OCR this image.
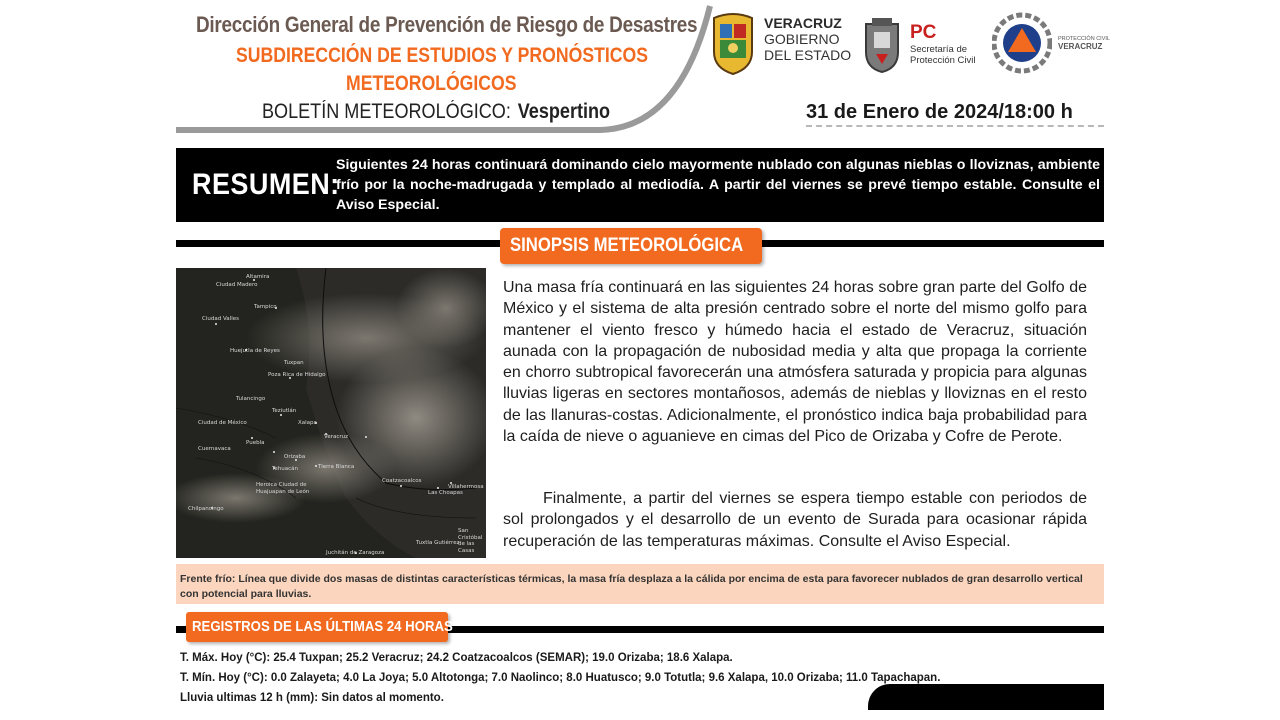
Dirección General de Prevención de Riesgo de Desastres
SUBDIRECCIÓN DE ESTUDIOS Y PRONÓSTICOS
METEOROLÓGICOS
BOLETÍN METEOROLÓGICO: Vespertino	31 de Enero de 2024/18:00 h
VERACRUZ
GOBIERNO
DEL ESTADO
PC
Secretaría de
Protección Civil
PROTECCIÓN CIVIL
VERACRUZ
RESUMEN:
Siguientes 24 horas continuará dominando cielo mayormente nublado con algunas nieblas o lloviznas, ambiente frío por la noche-madrugada y templado al mediodía. A partir del viernes se prevé tiempo estable. Consulte el Aviso Especial.
SINOPSIS METEOROLÓGICA
Altamira
Ciudad Madero
Tampico
Ciudad Valles
Huejutla de Reyes
Tuxpan
Poza Rica de Hidalgo
Tulancingo
Teziutlán
Xalapa
Ciudad de México
Veracruz
Puebla
Cuernavaca
Orizaba
Tehuacán	Tierra Blanca
Coatzacoalcos
Las Choapas
Villahermosa
Heroica Ciudad de Huajuapan de León
Chilpancingo
Juchitán de Zaragoza
San Cristóbal de las Casas
Tuxtla Gutiérrez
Una masa fría continuará en las siguientes 24 horas sobre gran parte del Golfo de México y el sistema de alta presión centrado sobre el norte del mismo golfo para mantener el viento fresco y húmedo hacia el estado de Veracruz, situación aunada con la propagación de nubosidad media y alta que propaga la corriente en chorro subtropical favorecerán una atmósfera saturada y propicia para algunas lluvias ligeras en sectores montañosos, además de nieblas y lloviznas en el resto de las llanuras-costas. Adicionalmente, el pronóstico indica baja probabilidad para la caída de nieve o aguanieve en cimas del Pico de Orizaba y Cofre de Perote.
Finalmente, a partir del viernes se espera tiempo estable con periodos de sol prolongados y el desarrollo de un evento de Surada para ocasionar rápida recuperación de las temperaturas máximas. Consulte el Aviso Especial.
Frente frío: Línea que divide dos masas de distintas características térmicas, la masa fría desplaza a la cálida por encima de esta para favorecer nublados de gran desarrollo vertical con potencial para lluvias.
REGISTROS DE LAS ÚLTIMAS 24 HORAS
T. Máx. Hoy (°C): 25.4 Tuxpan; 25.2 Veracruz; 24.2 Coatzacoalcos (SEMAR); 19.0 Orizaba; 18.6 Xalapa.
T. Mín. Hoy (°C): 0.0 Zalayeta; 4.0 La Joya; 5.0 Altotonga; 7.0 Naolinco; 8.0 Huatusco; 9.0 Totutla; 9.6 Xalapa, 10.0 Orizaba; 11.0 Tapachapan.
Lluvia ultimas 12 h (mm): Sin datos al momento.
